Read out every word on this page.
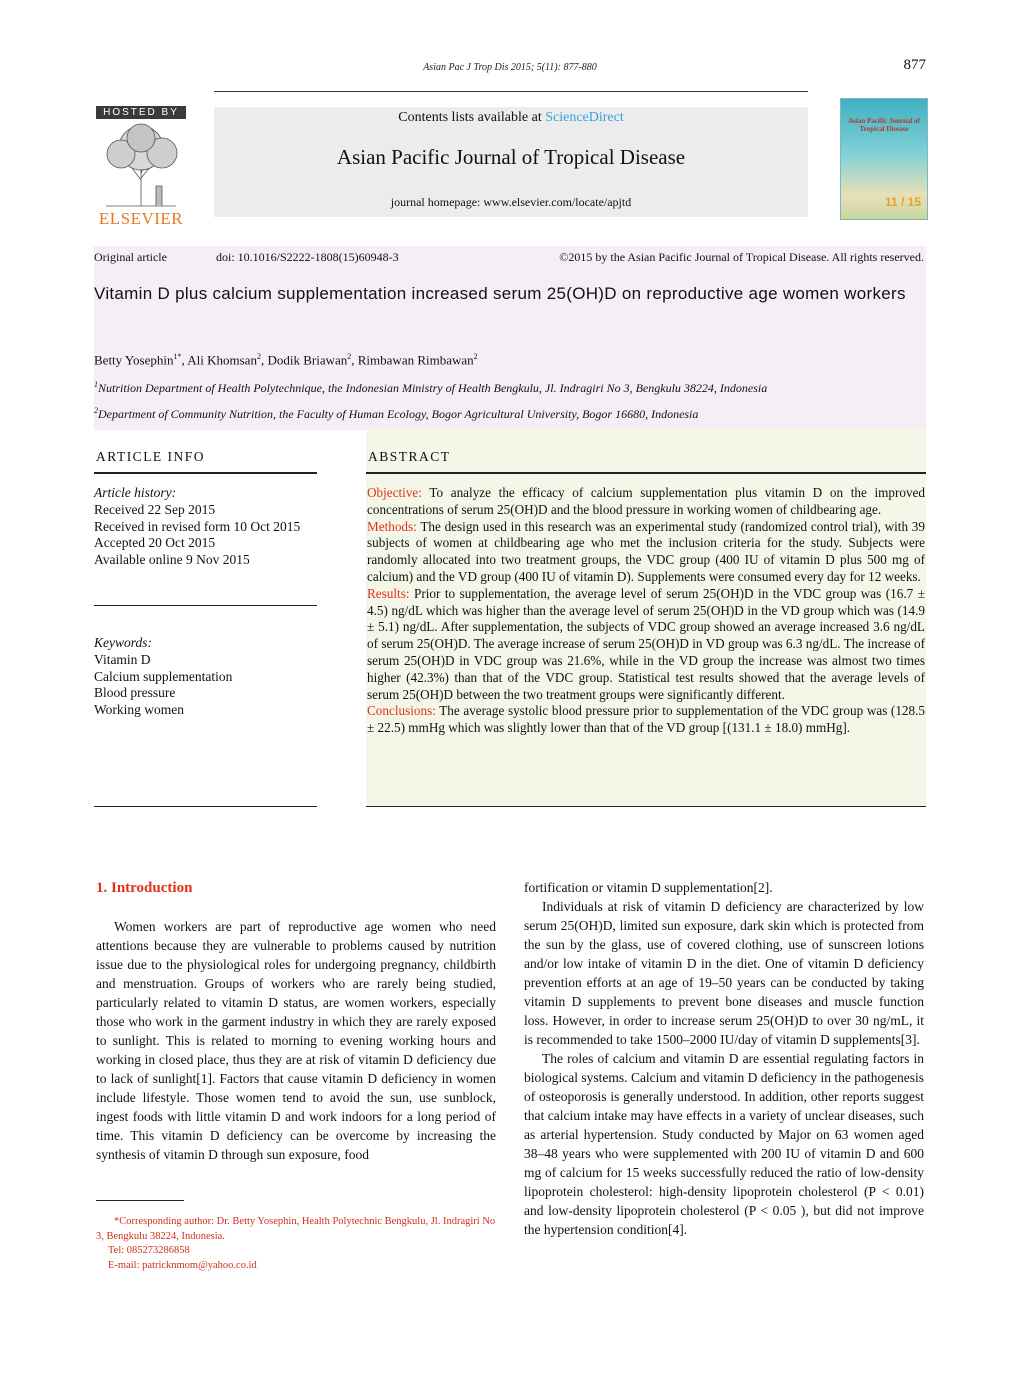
Asian Pac J Trop Dis 2015; 5(11): 877-880	877
HOSTED BY
ELSEVIER
Contents lists available at ScienceDirect
Asian Pacific Journal of Tropical Disease
journal homepage: www.elsevier.com/locate/apjtd
Asian Pacific Journal of Tropical Disease
11 / 15
Original article	doi: 10.1016/S2222-1808(15)60948-3	©2015 by the Asian Pacific Journal of Tropical Disease. All rights reserved.
Vitamin D plus calcium supplementation increased serum 25(OH)D on reproductive age women workers
Betty Yosephin$^{1*}$, Ali Khomsan$^2$, Dodik Briawan$^2$, Rimbawan Rimbawan$^2$
$^1$Nutrition Department of Health Polytechnique, the Indonesian Ministry of Health Bengkulu, Jl. Indragiri No 3, Bengkulu 38224, Indonesia
$^2$Department of Community Nutrition, the Faculty of Human Ecology, Bogor Agricultural University, Bogor 16680, Indonesia
ARTICLE INFO
Article history:
Received 22 Sep 2015
Received in revised form 10 Oct 2015
Accepted 20 Oct 2015
Available online 9 Nov 2015
Keywords:
Vitamin D
Calcium supplementation
Blood pressure
Working women
ABSTRACT
Objective: To analyze the efficacy of calcium supplementation plus vitamin D on the improved concentrations of serum 25(OH)D and the blood pressure in working women of childbearing age.
Methods: The design used in this research was an experimental study (randomized control trial), with 39 subjects of women at childbearing age who met the inclusion criteria for the study. Subjects were randomly allocated into two treatment groups, the VDC group (400 IU of vitamin D plus 500 mg of calcium) and the VD group (400 IU of vitamin D). Supplements were consumed every day for 12 weeks.
Results: Prior to supplementation, the average level of serum 25(OH)D in the VDC group was (16.7 ± 4.5) ng/dL which was higher than the average level of serum 25(OH)D in the VD group which was (14.9 ± 5.1) ng/dL. After supplementation, the subjects of VDC group showed an average increased 3.6 ng/dL of serum 25(OH)D. The average increase of serum 25(OH)D in VD group was 6.3 ng/dL. The increase of serum 25(OH)D in VDC group was 21.6%, while in the VD group the increase was almost two times higher (42.3%) than that of the VDC group. Statistical test results showed that the average levels of serum 25(OH)D between the two treatment groups were significantly different.
Conclusions: The average systolic blood pressure prior to supplementation of the VDC group was (128.5 ± 22.5) mmHg which was slightly lower than that of the VD group [(131.1 ± 18.0) mmHg].
1. Introduction

Women workers are part of reproductive age women who need attentions because they are vulnerable to problems caused by nutrition issue due to the physiological roles for undergoing pregnancy, childbirth and menstruation. Groups of workers who are rarely being studied, particularly related to vitamin D status, are women workers, especially those who work in the garment industry in which they are rarely exposed to sunlight. This is related to morning to evening working hours and working in closed place, thus they are at risk of vitamin D deficiency due to lack of sunlight[1]. Factors that cause vitamin D deficiency in women include lifestyle. Those women tend to avoid the sun, use sunblock, ingest foods with little vitamin D and work indoors for a long period of time. This vitamin D deficiency can be overcome by increasing the synthesis of vitamin D through sun exposure, food

fortification or vitamin D supplementation[2].

Individuals at risk of vitamin D deficiency are characterized by low serum 25(OH)D, limited sun exposure, dark skin which is protected from the sun by the glass, use of covered clothing, use of sunscreen lotions and/or low intake of vitamin D in the diet. One of vitamin D deficiency prevention efforts at an age of 19–50 years can be conducted by taking vitamin D supplements to prevent bone diseases and muscle function loss. However, in order to increase serum 25(OH)D to over 30 ng/mL, it is recommended to take 1500–2000 IU/day of vitamin D supplements[3].

The roles of calcium and vitamin D are essential regulating factors in biological systems. Calcium and vitamin D deficiency in the pathogenesis of osteoporosis is generally understood. In addition, other reports suggest that calcium intake may have effects in a variety of unclear diseases, such as arterial hypertension. Study conducted by Major on 63 women aged 38–48 years who were supplemented with 200 IU of vitamin D and 600 mg of calcium for 15 weeks successfully reduced the ratio of low-density lipoprotein cholesterol: high-density lipoprotein cholesterol (P < 0.01) and low-density lipoprotein cholesterol (P < 0.05 ), but did not improve the hypertension condition[4].

*Corresponding author: Dr. Betty Yosephin, Health Polytechnic Bengkulu, Jl. Indragiri No 3, Bengkulu 38224, Indonesia.
Tel: 085273286858
E-mail: patricknmom@yahoo.co.id
